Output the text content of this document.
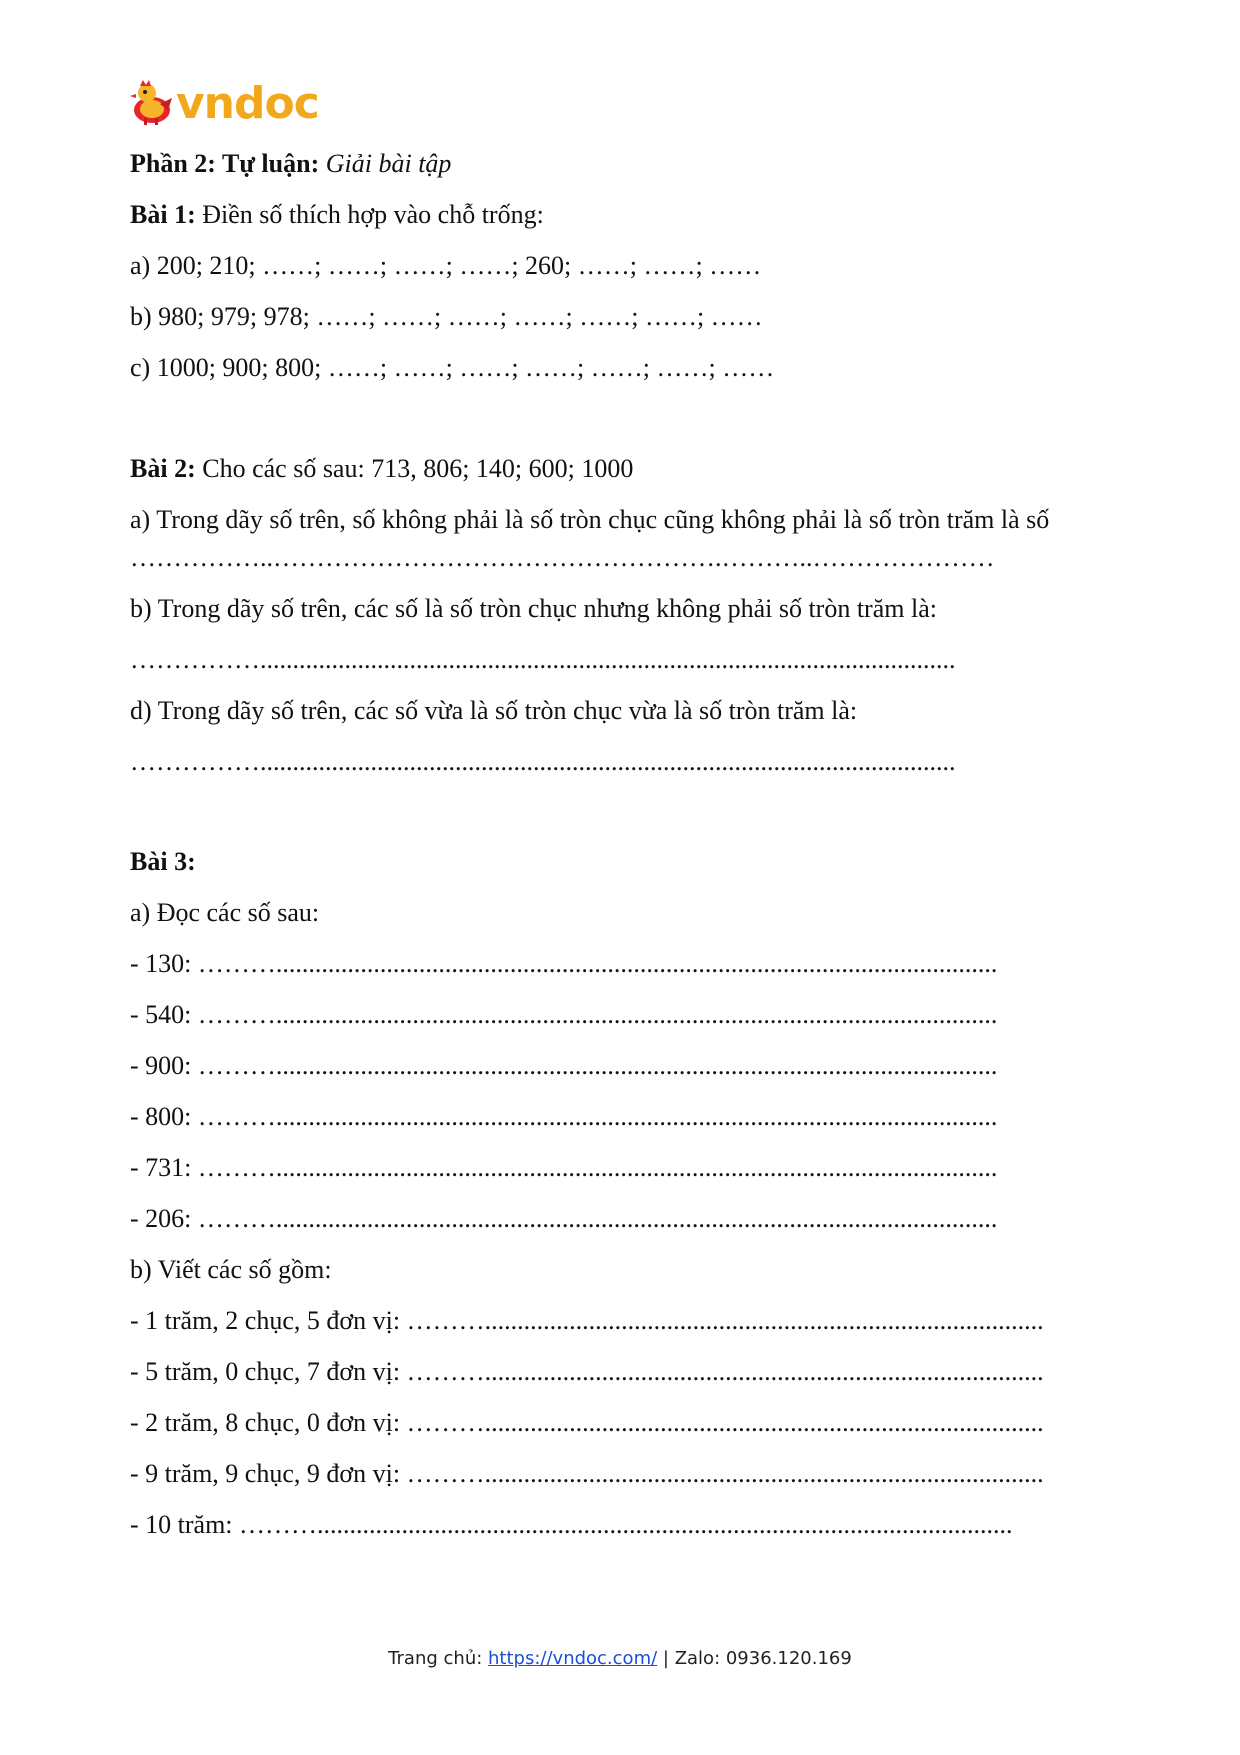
vndoc
Phần 2: Tự luận: Giải bài tập
Bài 1: Điền số thích hợp vào chỗ trống:
a) 200; 210; ……; ……; ……; ……; 260; ……; ……; ……
b) 980; 979; 978; ……; ……; ……; ……; ……; ……; ……
c) 1000; 900; 800; ……; ……; ……; ……; ……; ……; ……
Bài 2: Cho các số sau: 713, 806; 140; 600; 1000
a) Trong dãy số trên, số không phải là số tròn chục cũng không phải là số tròn trăm là số ……………..…………………………………………….………..…………………
b) Trong dãy số trên, các số là số tròn chục nhưng không phải số tròn trăm là:
……………...........................................................................................................
d) Trong dãy số trên, các số vừa là số tròn chục vừa là số tròn trăm là:
……………...........................................................................................................
Bài 3:
a) Đọc các số sau:
- 130: ………...............................................................................................................
- 540: ………...............................................................................................................
- 900: ………...............................................................................................................
- 800: ………...............................................................................................................
- 731: ………...............................................................................................................
- 206: ………...............................................................................................................
b) Viết các số gồm:
- 1 trăm, 2 chục, 5 đơn vị: ………......................................................................................
- 5 trăm, 0 chục, 7 đơn vị: ………......................................................................................
- 2 trăm, 8 chục, 0 đơn vị: ………......................................................................................
- 9 trăm, 9 chục, 9 đơn vị: ………......................................................................................
- 10 trăm: ………...........................................................................................................
Trang chủ: https://vndoc.com/ | Zalo: 0936.120.169
